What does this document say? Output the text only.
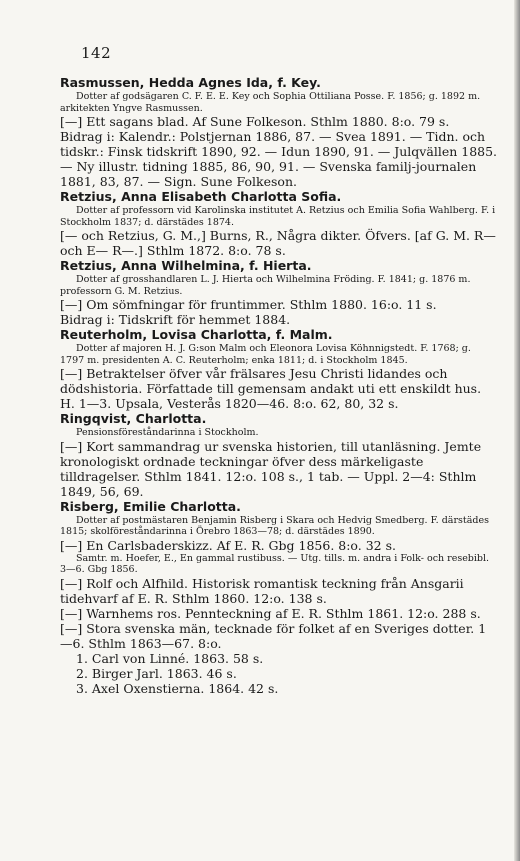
142
Rasmussen, Hedda Agnes Ida, f. Key.

Dotter af godsägaren C. F. E. E. Key och Sophia Ottiliana Posse. F. 1856; g. 1892 m. arkitekten Yngve Rasmussen.

[—] Ett sagans blad. Af Sune Folkeson. Sthlm 1880. 8:o. 79 s.

Bidrag i: Kalendr.: Polstjernan 1886, 87. — Svea 1891. — Tidn. och tidskr.: Finsk tidskrift 1890, 92. — Idun 1890, 91. — Julqvällen 1885. — Ny illustr. tidning 1885, 86, 90, 91. — Svenska familj-journalen 1881, 83, 87. — Sign. Sune Folkeson.

Retzius, Anna Elisabeth Charlotta Sofia.

Dotter af professorn vid Karolinska institutet A. Retzius och Emilia Sofia Wahlberg. F. i Stockholm 1837; d. därstädes 1874.

[— och Retzius, G. M.,] Burns, R., Några dikter. Öfvers. [af G. M. R— och E— R—.] Sthlm 1872. 8:o. 78 s.

Retzius, Anna Wilhelmina, f. Hierta.

Dotter af grosshandlaren L. J. Hierta och Wilhelmina Fröding. F. 1841; g. 1876 m. professorn G. M. Retzius.

[—] Om sömfningar för fruntimmer. Sthlm 1880. 16:o. 11 s.

Bidrag i: Tidskrift för hemmet 1884.

Reuterholm, Lovisa Charlotta, f. Malm.

Dotter af majoren H. J. G:son Malm och Eleonora Lovisa Köhnnigstedt. F. 1768; g. 1797 m. presidenten A. C. Reuterholm; enka 1811; d. i Stockholm 1845.

[—] Betraktelser öfver vår frälsares Jesu Christi lidandes och dödshistoria. Författade till gemensam andakt uti ett enskildt hus. H. 1—3. Upsala, Vesterås 1820—46. 8:o. 62, 80, 32 s.

Ringqvist, Charlotta.

Pensionsföreståndarinna i Stockholm.

[—] Kort sammandrag ur svenska historien, till utanläsning. Jemte kronologiskt ordnade teckningar öfver dess märkeligaste tilldragelser. Sthlm 1841. 12:o. 108 s., 1 tab. — Uppl. 2—4: Sthlm 1849, 56, 69.

Risberg, Emilie Charlotta.

Dotter af postmästaren Benjamin Risberg i Skara och Hedvig Smedberg. F. därstädes 1815; skolföreståndarinna i Örebro 1863—78; d. därstädes 1890.

[—] En Carlsbaderskizz. Af E. R. Gbg 1856. 8:o. 32 s.

Samtr. m. Hoefer, E., En gammal rustibuss. — Utg. tills. m. andra i Folk- och resebibl. 3—6. Gbg 1856.

[—] Rolf och Alfhild. Historisk romantisk teckning från Ansgarii tidehvarf af E. R. Sthlm 1860. 12:o. 138 s.

[—] Warnhems ros. Pennteckning af E. R. Sthlm 1861. 12:o. 288 s.

[—] Stora svenska män, tecknade för folket af en Sveriges dotter. 1—6. Sthlm 1863—67. 8:o.

1. Carl von Linné. 1863. 58 s.
2. Birger Jarl. 1863. 46 s.
3. Axel Oxenstierna. 1864. 42 s.
